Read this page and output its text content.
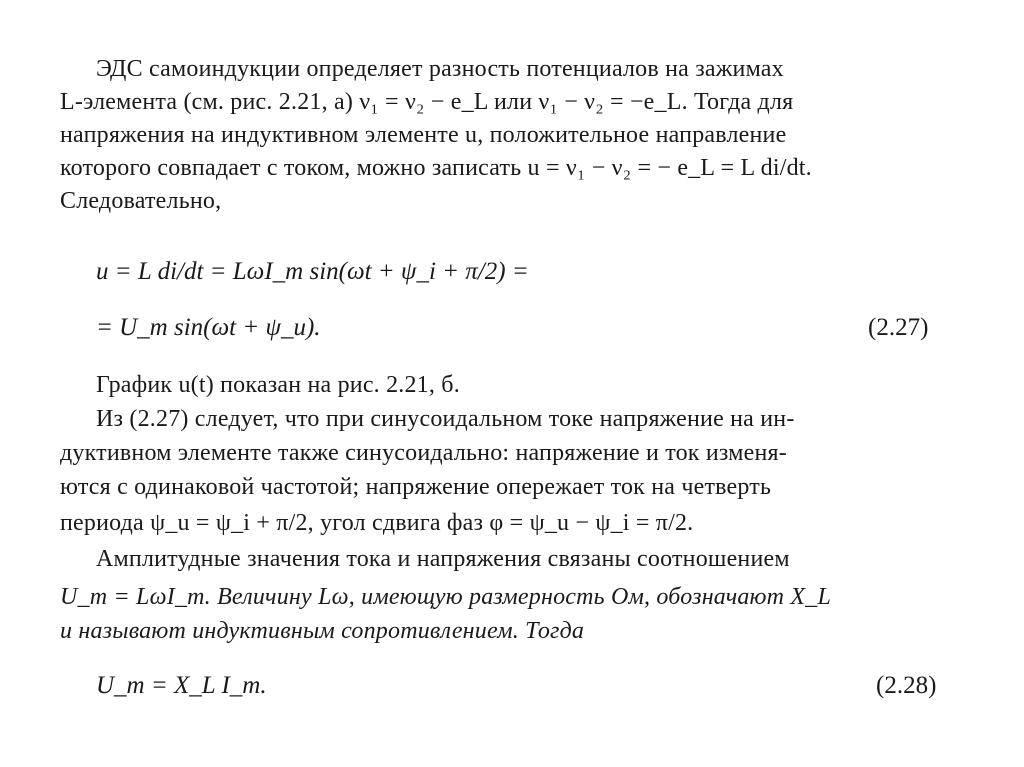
ЭДС самоиндукции определяет разность потенциалов на зажимах
L-элемента (см. рис. 2.21, а) ν₁ = ν₂ − e_L или ν₁ − ν₂ = −e_L. Тогда для
напряжения на индуктивном элементе u, положительное направление
которого совпадает с током, можно записать u = ν₁ − ν₂ = − e_L = L di/dt.
Следовательно,
u = L di/dt = LωI_m sin(ωt + ψ_i + π/2) =
= U_m sin(ωt + ψ_u).	(2.27)
График u(t) показан на рис. 2.21, б.
Из (2.27) следует, что при синусоидальном токе напряжение на ин-
дуктивном элементе также синусоидально: напряжение и ток изменя-
ются с одинаковой частотой; напряжение опережает ток на четверть
периода ψ_u = ψ_i + π/2, угол сдвига фаз φ = ψ_u − ψ_i = π/2.
Амплитудные значения тока и напряжения связаны соотношением
U_m = LωI_m. Величину Lω, имеющую размерность Ом, обозначают X_L
и называют индуктивным сопротивлением. Тогда
U_m = X_L I_m.	(2.28)
